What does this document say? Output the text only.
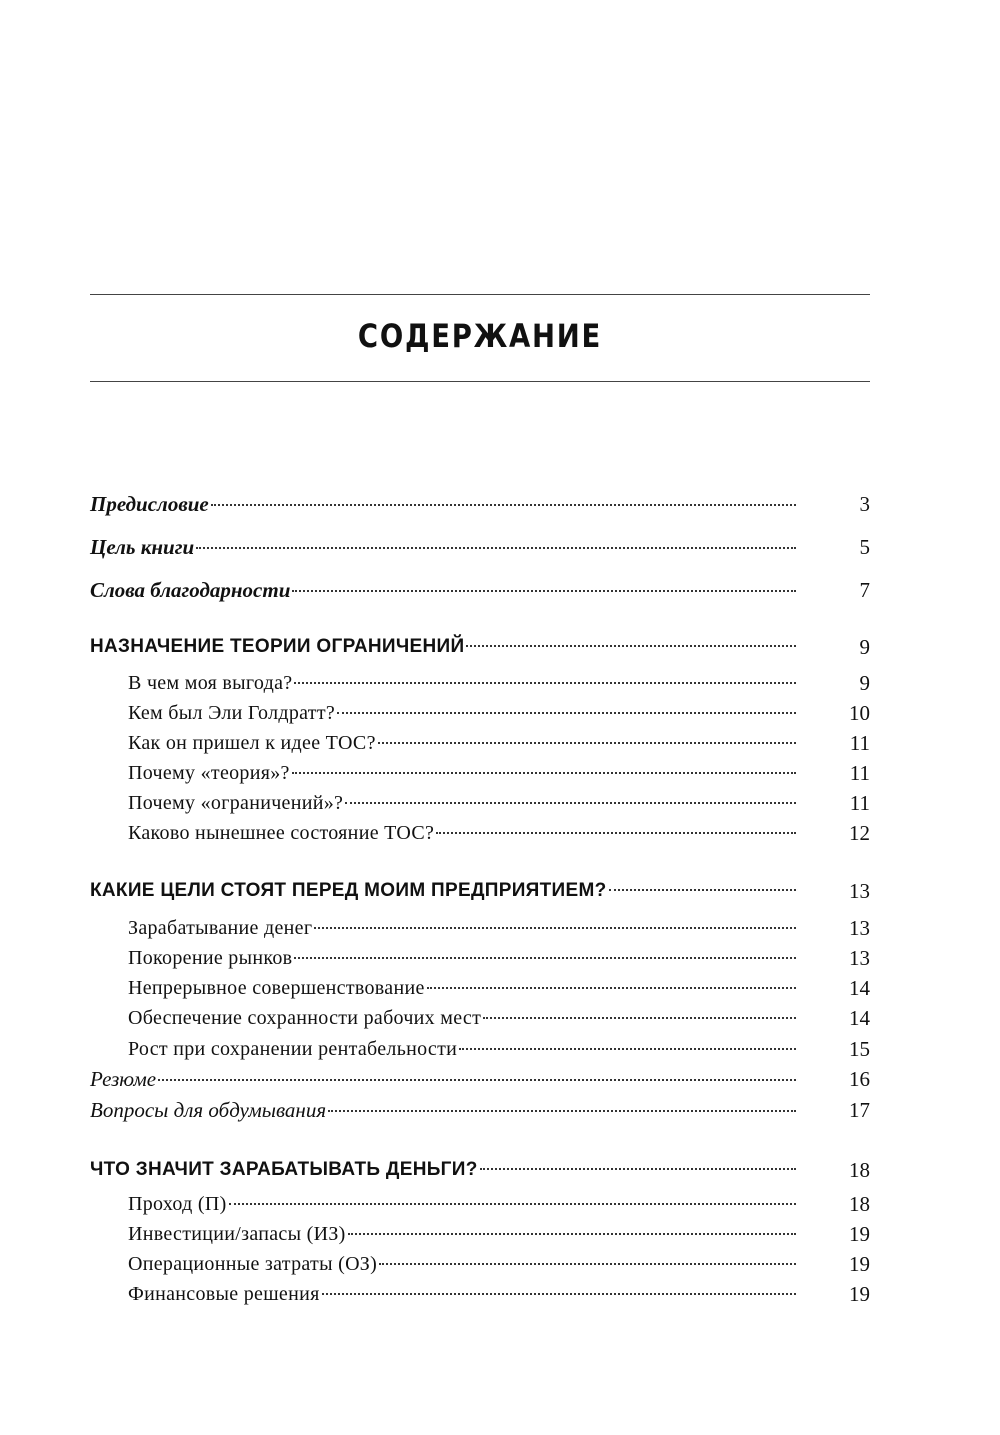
СОДЕРЖАНИЕ
Предисловие	3
Цель книги	5
Слова благодарности	7
НАЗНАЧЕНИЕ ТЕОРИИ ОГРАНИЧЕНИЙ	9
В чем моя выгода?	9
Кем был Эли Голдратт?	10
Как он пришел к идее ТОС?	11
Почему «теория»?	11
Почему «ограничений»?	11
Каково нынешнее состояние ТОС?	12
КАКИЕ ЦЕЛИ СТОЯТ ПЕРЕД МОИМ ПРЕДПРИЯТИЕМ?	13
Зарабатывание денег	13
Покорение рынков	13
Непрерывное совершенствование	14
Обеспечение сохранности рабочих мест	14
Рост при сохранении рентабельности	15
Резюме	16
Вопросы для обдумывания	17
ЧТО ЗНАЧИТ ЗАРАБАТЫВАТЬ ДЕНЬГИ?	18
Проход (П)	18
Инвестиции/запасы (ИЗ)	19
Операционные затраты (ОЗ)	19
Финансовые решения	19
